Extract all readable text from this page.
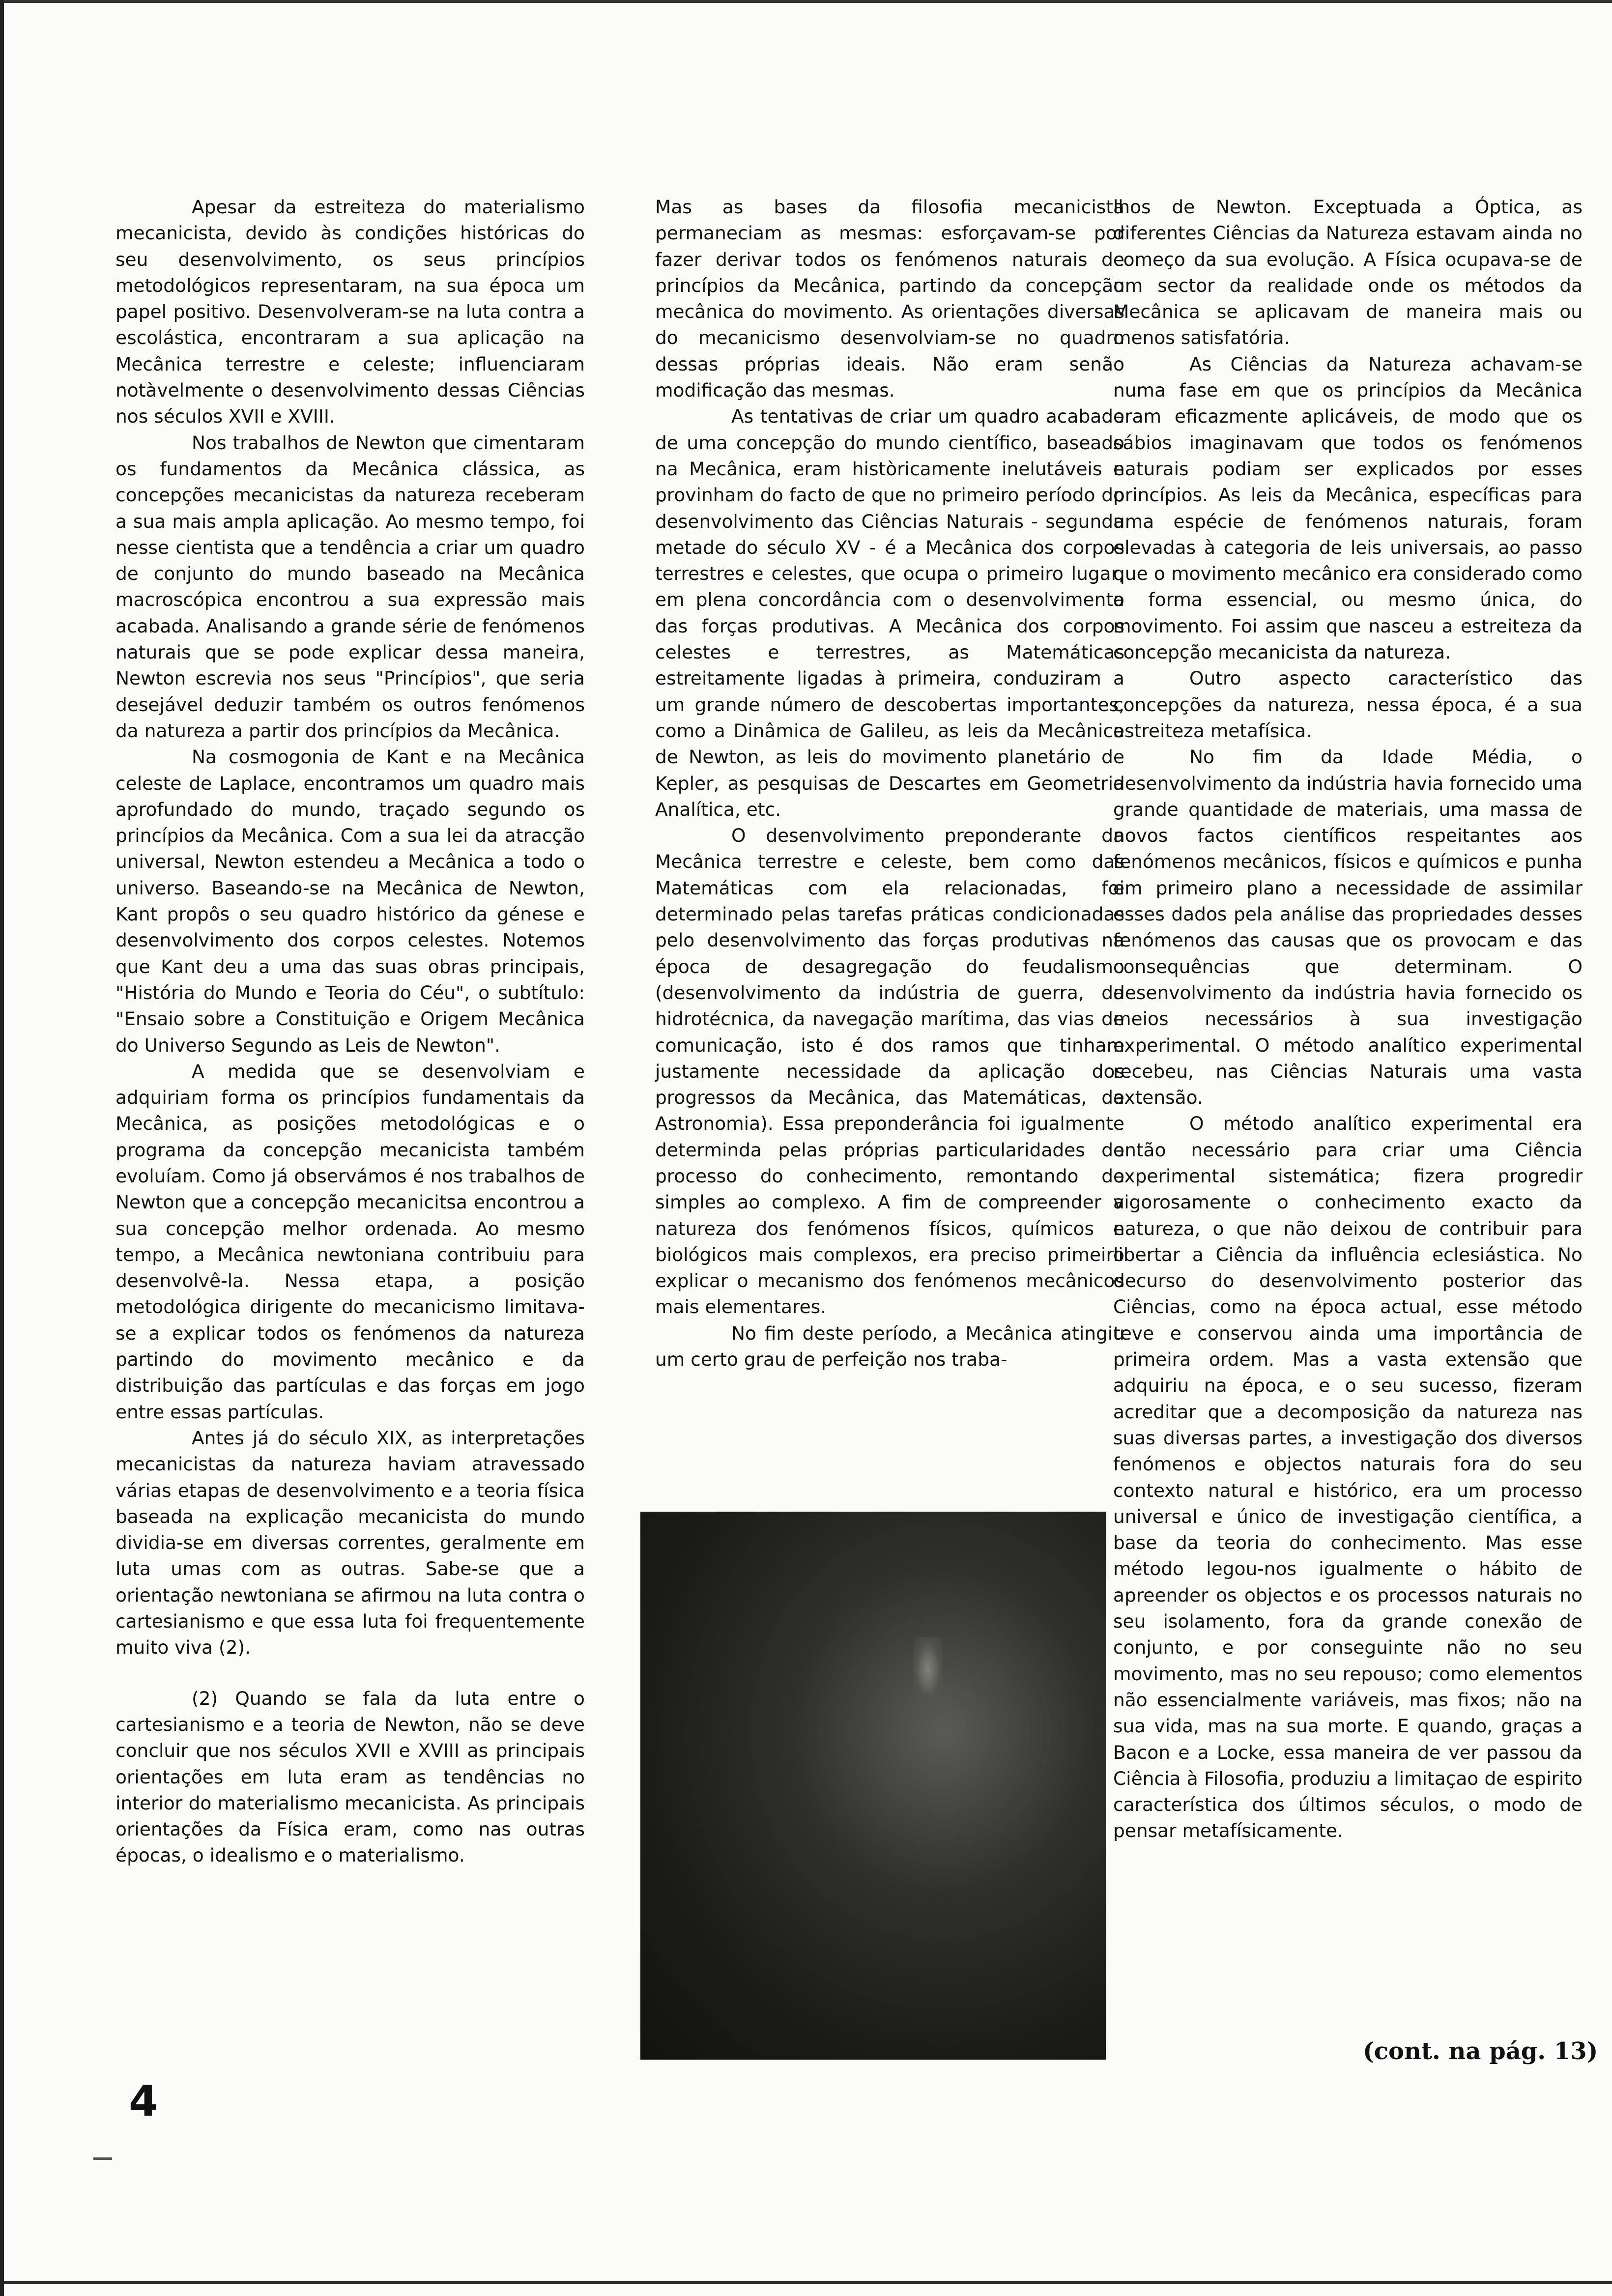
Apesar da estreiteza do materialismo mecanicista, devido às condições históricas do seu desenvolvimento, os seus princípios metodológicos representaram, na sua época um papel positivo. Desenvolveram-se na luta contra a escolástica, encontraram a sua aplicação na Mecânica terrestre e celeste; influenciaram notàvelmente o desenvolvimento dessas Ciências nos séculos XVII e XVIII.

Nos trabalhos de Newton que cimentaram os fundamentos da Mecânica clássica, as concepções mecanicistas da natureza receberam a sua mais ampla aplicação. Ao mesmo tempo, foi nesse cientista que a tendência a criar um quadro de conjunto do mundo baseado na Mecânica macroscópica encontrou a sua expressão mais acabada. Analisando a grande série de fenómenos naturais que se pode explicar dessa maneira, Newton escrevia nos seus "Princípios", que seria desejável deduzir também os outros fenómenos da natureza a partir dos princípios da Mecânica.

Na cosmogonia de Kant e na Mecânica celeste de Laplace, encontramos um quadro mais aprofundado do mundo, traçado segundo os princípios da Mecânica. Com a sua lei da atracção universal, Newton estendeu a Mecânica a todo o universo. Baseando-se na Mecânica de Newton, Kant propôs o seu quadro histórico da génese e desenvolvimento dos corpos celestes. Notemos que Kant deu a uma das suas obras principais, "História do Mundo e Teoria do Céu", o subtítulo: "Ensaio sobre a Constituição e Origem Mecânica do Universo Segundo as Leis de Newton".

A medida que se desenvolviam e adquiriam forma os princípios fundamentais da Mecânica, as posições metodológicas e o programa da concepção mecanicista também evoluíam. Como já observámos é nos trabalhos de Newton que a concepção mecanicitsa encontrou a sua concepção melhor ordenada. Ao mesmo tempo, a Mecânica newtoniana contribuiu para desenvolvê-la. Nessa etapa, a posição metodológica dirigente do mecanicismo limitava-se a explicar todos os fenómenos da natureza partindo do movimento mecânico e da distribuição das partículas e das forças em jogo entre essas partículas.

Antes já do século XIX, as interpretações mecanicistas da natureza haviam atravessado várias etapas de desenvolvimento e a teoria física baseada na explicação mecanicista do mundo dividia-se em diversas correntes, geralmente em luta umas com as outras. Sabe-se que a orientação newtoniana se afirmou na luta contra o cartesianismo e que essa luta foi frequentemente muito viva (2).

(2) Quando se fala da luta entre o cartesianismo e a teoria de Newton, não se deve concluir que nos séculos XVII e XVIII as principais orientações em luta eram as tendências no interior do materialismo mecanicista. As principais orientações da Física eram, como nas outras épocas, o idealismo e o materialismo.

Mas as bases da filosofia mecanicista permaneciam as mesmas: esforçavam-se por fazer derivar todos os fenómenos naturais de princípios da Mecânica, partindo da concepção mecânica do movimento. As orientações diversas do mecanicismo desenvolviam-se no quadro dessas próprias ideais. Não eram senão modificação das mesmas.

As tentativas de criar um quadro acabado de uma concepção do mundo científico, baseado na Mecânica, eram històricamente inelutáveis e provinham do facto de que no primeiro período do desenvolvimento das Ciências Naturais - segunda metade do século XV - é a Mecânica dos corpos terrestres e celestes, que ocupa o primeiro lugar, em plena concordância com o desenvolvimento das forças produtivas. A Mecânica dos corpos celestes e terrestres, as Matemáticas estreitamente ligadas à primeira, conduziram a um grande número de descobertas importantes, como a Dinâmica de Galileu, as leis da Mecânica de Newton, as leis do movimento planetário de Kepler, as pesquisas de Descartes em Geometria Analítica, etc.

O desenvolvimento preponderante da Mecânica terrestre e celeste, bem como das Matemáticas com ela relacionadas, foi determinado pelas tarefas práticas condicionadas pelo desenvolvimento das forças produtivas na época de desagregação do feudalismo (desenvolvimento da indústria de guerra, da hidrotécnica, da navegação marítima, das vias de comunicação, isto é dos ramos que tinham justamente necessidade da aplicação dos progressos da Mecânica, das Matemáticas, da Astronomia). Essa preponderância foi igualmente determinda pelas próprias particularidades do processo do conhecimento, remontando do simples ao complexo. A fim de compreender a natureza dos fenómenos físicos, químicos e biológicos mais complexos, era preciso primeiro explicar o mecanismo dos fenómenos mecânicos mais elementares.

No fim deste período, a Mecânica atingiu um certo grau de perfeição nos traba-

lhos de Newton. Exceptuada a Óptica, as diferentes Ciências da Natureza estavam ainda no começo da sua evolução. A Física ocupava-se de um sector da realidade onde os métodos da Mecânica se aplicavam de maneira mais ou menos satisfatória.

As Ciências da Natureza achavam-se numa fase em que os princípios da Mecânica eram eficazmente aplicáveis, de modo que os sábios imaginavam que todos os fenómenos naturais podiam ser explicados por esses princípios. As leis da Mecânica, específicas para uma espécie de fenómenos naturais, foram elevadas à categoria de leis universais, ao passo que o movimento mecânico era considerado como a forma essencial, ou mesmo única, do movimento. Foi assim que nasceu a estreiteza da concepção mecanicista da natureza.

Outro aspecto característico das concepções da natureza, nessa época, é a sua estreiteza metafísica.

No fim da Idade Média, o desenvolvimento da indústria havia fornecido uma grande quantidade de materiais, uma massa de novos factos científicos respeitantes aos fenómenos mecânicos, físicos e químicos e punha em primeiro plano a necessidade de assimilar esses dados pela análise das propriedades desses fenómenos das causas que os provocam e das consequências que determinam. O desenvolvimento da indústria havia fornecido os meios necessários à sua investigação experimental. O método analítico experimental recebeu, nas Ciências Naturais uma vasta extensão.

O método analítico experimental era então necessário para criar uma Ciência experimental sistemática; fizera progredir vigorosamente o conhecimento exacto da natureza, o que não deixou de contribuir para libertar a Ciência da influência eclesiástica. No decurso do desenvolvimento posterior das Ciências, como na época actual, esse método teve e conservou ainda uma importância de primeira ordem. Mas a vasta extensão que adquiriu na época, e o seu sucesso, fizeram acreditar que a decomposição da natureza nas suas diversas partes, a investigação dos diversos fenómenos e objectos naturais fora do seu contexto natural e histórico, era um processo universal e único de investigação científica, a base da teoria do conhecimento. Mas esse método legou-nos igualmente o hábito de apreender os objectos e os processos naturais no seu isolamento, fora da grande conexão de conjunto, e por conseguinte não no seu movimento, mas no seu repouso; como elementos não essencialmente variáveis, mas fixos; não na sua vida, mas na sua morte. E quando, graças a Bacon e a Locke, essa maneira de ver passou da Ciência à Filosofia, produziu a limitaçao de espirito característica dos últimos séculos, o modo de pensar metafísicamente.

(cont. na pág. 13)
4
